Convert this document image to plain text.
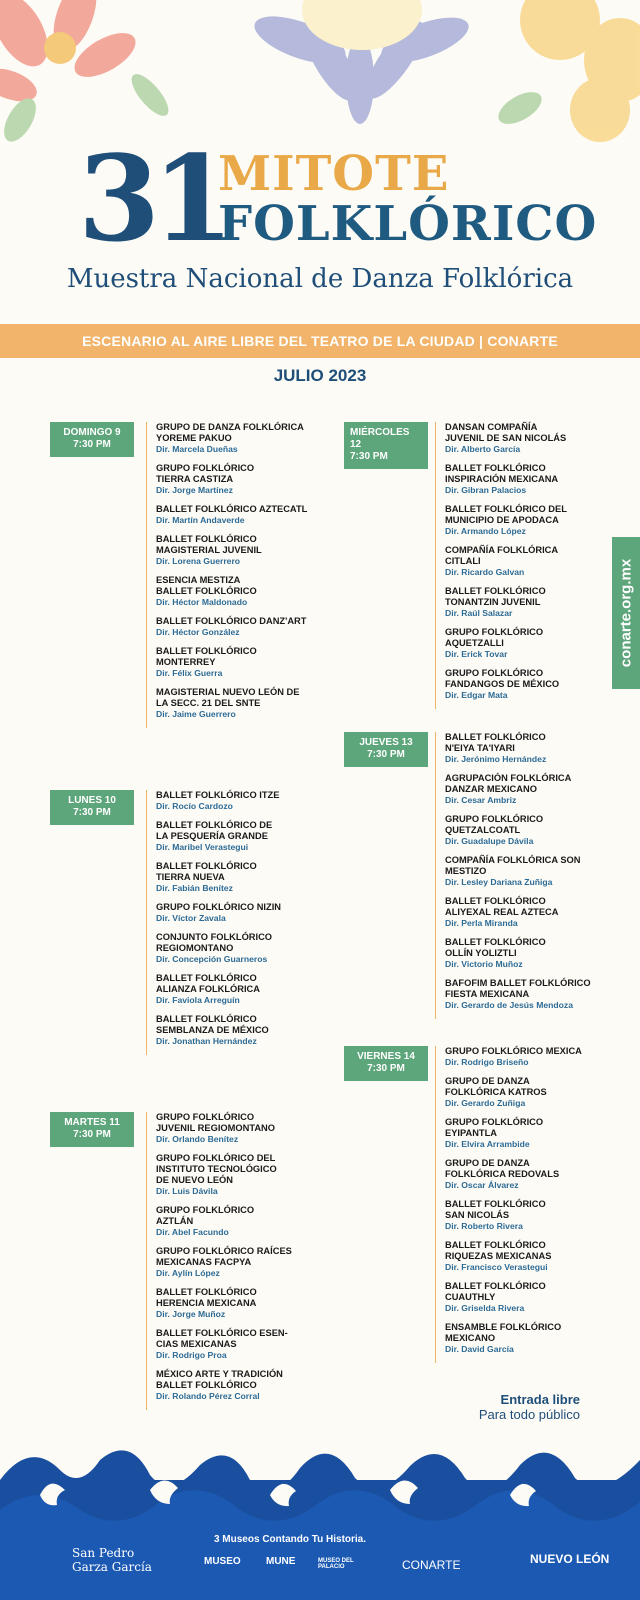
31
MITOTE
FOLKLÓRICO
Muestra Nacional de Danza Folklórica
ESCENARIO AL AIRE LIBRE DEL TEATRO DE LA CIUDAD | CONARTE
JULIO 2023
DOMINGO 9
7:30 PM
GRUPO DE DANZA FOLKLÓRICA
YOREME PAKUO
Dir. Marcela Dueñas
GRUPO FOLKLÓRICO
TIERRA CASTIZA
Dir. Jorge Martínez
BALLET FOLKLÓRICO AZTECATL
Dir. Martín Andaverde
BALLET FOLKLÓRICO
MAGISTERIAL JUVENIL
Dir. Lorena Guerrero
ESENCIA MESTIZA
BALLET FOLKLÓRICO
Dir. Héctor Maldonado
BALLET FOLKLÓRICO DANZ'ART
Dir. Héctor González
BALLET FOLKLÓRICO
MONTERREY
Dir. Félix Guerra
MAGISTERIAL NUEVO LEÓN DE
LA SECC. 21 DEL SNTE
Dir. Jaime Guerrero
LUNES 10
7:30 PM
BALLET FOLKLÓRICO ITZE
Dir. Rocío Cardozo
BALLET FOLKLÓRICO DE
LA PESQUERÍA GRANDE
Dir. Maribel Verastegui
BALLET FOLKLÓRICO
TIERRA NUEVA
Dir. Fabián Benítez
GRUPO FOLKLÓRICO NIZIN
Dir. Víctor Zavala
CONJUNTO FOLKLÓRICO
REGIOMONTANO
Dir. Concepción Guarneros
BALLET FOLKLÓRICO
ALIANZA FOLKLÓRICA
Dir. Faviola Arreguín
BALLET FOLKLÓRICO
SEMBLANZA DE MÉXICO
Dir. Jonathan Hernández
MARTES 11
7:30 PM
GRUPO FOLKLÓRICO
JUVENIL REGIOMONTANO
Dir. Orlando Benítez
GRUPO FOLKLÓRICO DEL
INSTITUTO TECNOLÓGICO
DE NUEVO LEÓN
Dir. Luis Dávila
GRUPO FOLKLÓRICO
AZTLÁN
Dir. Abel Facundo
GRUPO FOLKLÓRICO RAÍCES
MEXICANAS FACPYA
Dir. Aylín López
BALLET FOLKLÓRICO
HERENCIA MEXICANA
Dir. Jorge Muñoz
BALLET FOLKLÓRICO ESEN-
CIAS MEXICANAS
Dir. Rodrigo Proa
MÉXICO ARTE Y TRADICIÓN
BALLET FOLKLÓRICO
Dir. Rolando Pérez Corral
MIÉRCOLES 12
7:30 PM
DANSAN COMPAÑÍA
JUVENIL DE SAN NICOLÁS
Dir. Alberto García
BALLET FOLKLÓRICO
INSPIRACIÓN MEXICANA
Dir. Gibran Palacios
BALLET FOLKLÓRICO DEL
MUNICIPIO DE APODACA
Dir. Armando López
COMPAÑÍA FOLKLÓRICA
CITLALI
Dir. Ricardo Galvan
BALLET FOLKLÓRICO
TONANTZIN JUVENIL
Dir. Raúl Salazar
GRUPO FOLKLÓRICO
AQUETZALLI
Dir. Erick Tovar
GRUPO FOLKLÓRICO
FANDANGOS DE MÉXICO
Dir. Edgar Mata
JUEVES 13
7:30 PM
BALLET FOLKLÓRICO
N'EIYA TA'IYARI
Dir. Jerónimo Hernández
AGRUPACIÓN FOLKLÓRICA
DANZAR MEXICANO
Dir. Cesar Ambriz
GRUPO FOLKLÓRICO
QUETZALCOATL
Dir. Guadalupe Dávila
COMPAÑÍA FOLKLÓRICA SON
MESTIZO
Dir. Lesley Dariana Zuñiga
BALLET FOLKLÓRICO
ALIYEXAL REAL AZTECA
Dir. Perla Miranda
BALLET FOLKLÓRICO
OLLÍN YOLIZTLI
Dir. Victorio Muñoz
BAFOFIM BALLET FOLKLÓRICO
FIESTA MEXICANA
Dir. Gerardo de Jesús Mendoza
VIERNES 14
7:30 PM
GRUPO FOLKLÓRICO MEXICA
Dir. Rodrigo Briseño
GRUPO DE DANZA
FOLKLÓRICA KATROS
Dir. Gerardo Zuñiga
GRUPO FOLKLÓRICO
EYIPANTLA
Dir. Elvira Arrambide
GRUPO DE DANZA
FOLKLÓRICA REDOVALS
Dir. Oscar Álvarez
BALLET FOLKLÓRICO
SAN NICOLÁS
Dir. Roberto Rivera
BALLET FOLKLÓRICO
RIQUEZAS MEXICANAS
Dir. Francisco Verastegui
BALLET FOLKLÓRICO
CUAUTHLY
Dir. Griselda Rivera
ENSAMBLE FOLKLÓRICO
MEXICANO
Dir. David García
conarte.org.mx
Entrada libre
Para todo público
San Pedro
Garza García
3 Museos Contando Tu Historia.
MUSEO	MUNE	MUSEO DEL PALACIO	CONARTE	NUEVO LEÓN
